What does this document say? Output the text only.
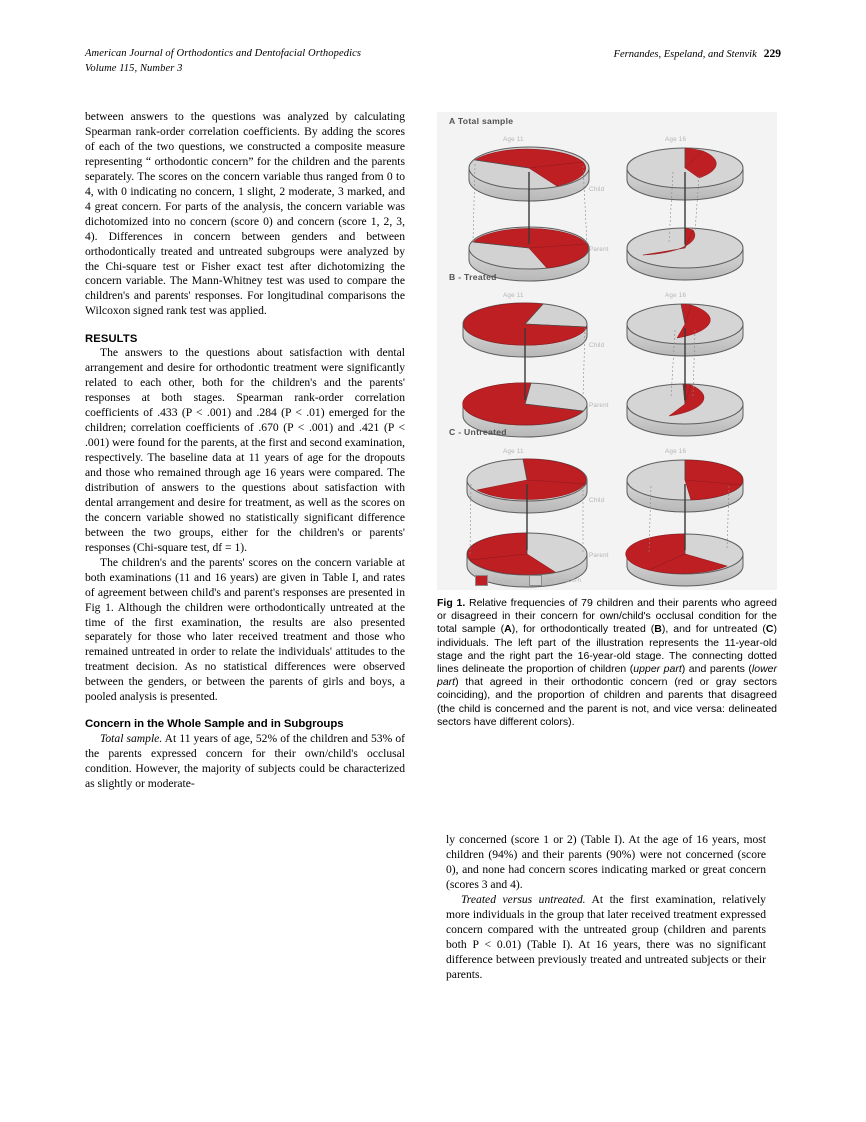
American Journal of Orthodontics and Dentofacial Orthopedics
Volume 115, Number 3
Fernandes, Espeland, and Stenvik 229

between answers to the questions was analyzed by calculating Spearman rank-order correlation coefficients. By adding the scores of each of the two questions, we constructed a composite measure representing “ orthodontic concern” for the children and the parents separately. The scores on the concern variable thus ranged from 0 to 4, with 0 indicating no concern, 1 slight, 2 moderate, 3 marked, and 4 great concern. For parts of the analysis, the concern variable was dichotomized into no concern (score 0) and concern (score 1, 2, 3, 4). Differences in concern between genders and between orthodontically treated and untreated subgroups were analyzed by the Chi-square test or Fisher exact test after dichotomizing the concern variable. The Mann-Whitney test was used to compare the children's and parents' responses. For longitudinal comparisons the Wilcoxon signed rank test was applied.

RESULTS

The answers to the questions about satisfaction with dental arrangement and desire for orthodontic treatment were significantly related to each other, both for the children's and the parents' responses at both stages. Spearman rank-order correlation coefficients of .433 (P < .001) and .284 (P < .01) emerged for the children; correlation coefficients of .670 (P < .001) and .421 (P < .001) were found for the parents, at the first and second examination, respectively. The baseline data at 11 years of age for the dropouts and those who remained through age 16 years were compared. The distribution of answers to the questions about satisfaction with dental arrangement and desire for treatment, as well as the scores on the concern variable showed no statistically significant difference between the two groups, either for the children's or parents' responses (Chi-square test, df = 1).

The children's and the parents' scores on the concern variable at both examinations (11 and 16 years) are given in Table I, and rates of agreement between child's and parent's responses are presented in Fig 1. Although the children were orthodontically untreated at the time of the first examination, the results are also presented separately for those who later received treatment and those who remained untreated in order to relate the individuals' attitudes to the treatment decision. As no statistical differences were observed between the genders, or between the parents of girls and boys, a pooled analysis is presented.

Concern in the Whole Sample and in Subgroups

Total sample. At 11 years of age, 52% of the children and 53% of the parents expressed concern for their own/child's occlusal condition. However, the majority of subjects could be characterized as slightly or moderate-

A Total sample
Age 11	Age 16
Child
Parent
B - Treated
Age 11	Age 16
Child
Parent
C - Untreated
Age 11	Age 16
Child
Parent
Concern	No concern
Fig 1. Relative frequencies of 79 children and their parents who agreed or disagreed in their concern for own/child's occlusal condition for the total sample (A), for orthodontically treated (B), and for untreated (C) individuals. The left part of the illustration represents the 11-year-old stage and the right part the 16-year-old stage. The connecting dotted lines delineate the proportion of children (upper part) and parents (lower part) that agreed in their orthodontic concern (red or gray sectors coinciding), and the proportion of children and parents that disagreed (the child is concerned and the parent is not, and vice versa: delineated sectors have different colors).

ly concerned (score 1 or 2) (Table I). At the age of 16 years, most children (94%) and their parents (90%) were not concerned (score 0), and none had concern scores indicating marked or great concern (scores 3 and 4).

Treated versus untreated. At the first examination, relatively more individuals in the group that later received treatment expressed concern compared with the untreated group (children and parents both P < 0.01) (Table I). At 16 years, there was no significant difference between previously treated and untreated subjects or their parents.
